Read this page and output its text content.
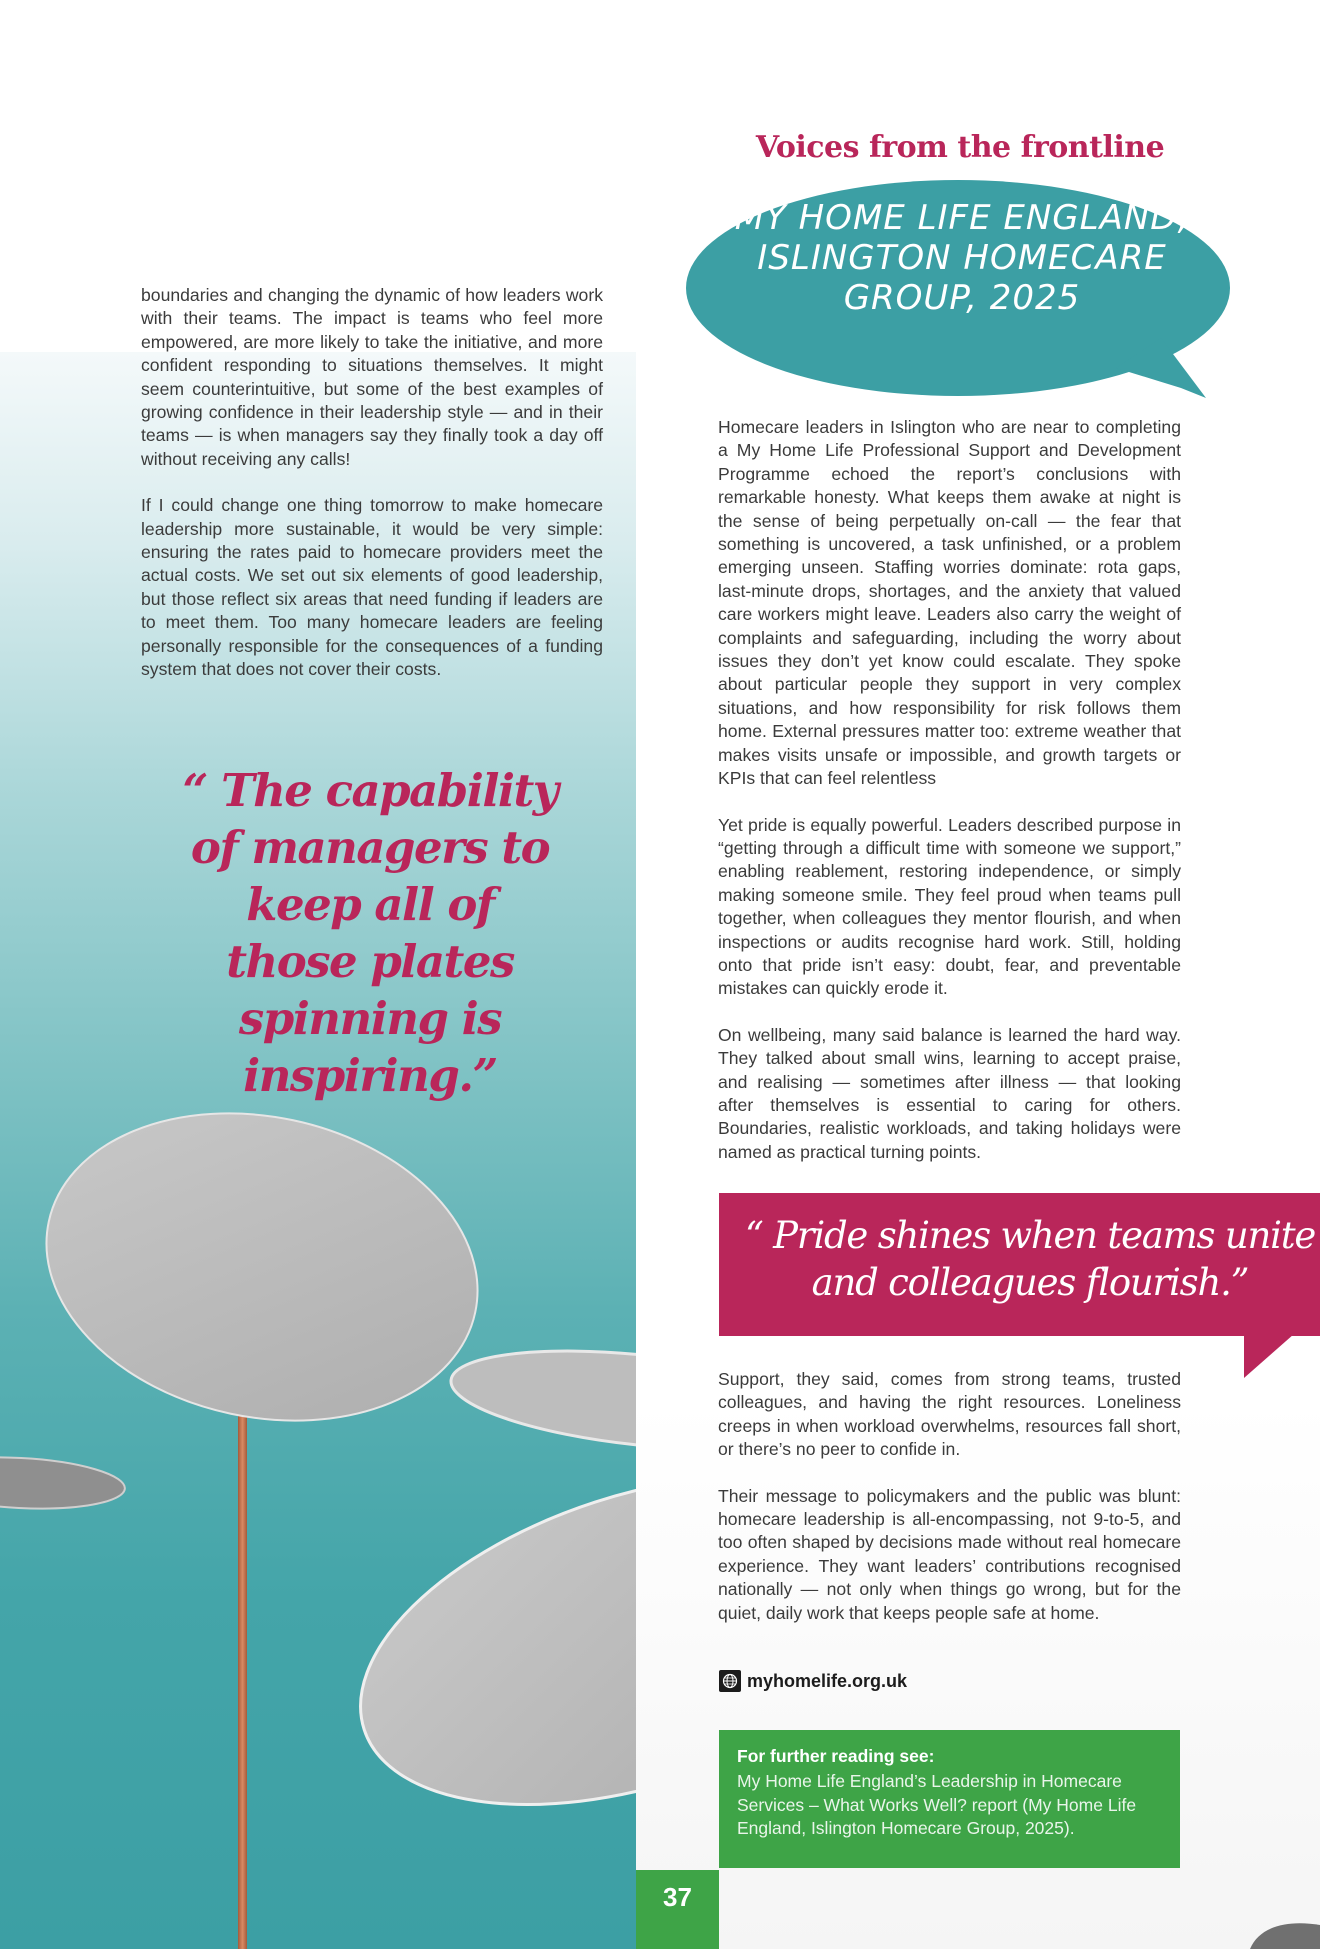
boundaries and changing the dynamic of how leaders work with their teams. The impact is teams who feel more empowered, are more likely to take the initiative, and more confident responding to situations themselves. It might seem counterintuitive, but some of the best examples of growing confidence in their leadership style — and in their teams — is when managers say they finally took a day off without receiving any calls!

If I could change one thing tomorrow to make homecare leadership more sustainable, it would be very simple: ensuring the rates paid to homecare providers meet the actual costs. We set out six elements of good leadership, but those reflect six areas that need funding if leaders are to meet them. Too many homecare leaders are feeling personally responsible for the consequences of a funding system that does not cover their costs.

“ The capability of managers to keep all of those plates spinning is inspiring.”
Voices from the frontline
MY HOME LIFE ENGLAND, ISLINGTON HOMECARE GROUP, 2025

Homecare leaders in Islington who are near to completing a My Home Life Professional Support and Development Programme echoed the report’s conclusions with remarkable honesty. What keeps them awake at night is the sense of being perpetually on-call — the fear that something is uncovered, a task unfinished, or a problem emerging unseen. Staffing worries dominate: rota gaps, last-minute drops, shortages, and the anxiety that valued care workers might leave. Leaders also carry the weight of complaints and safeguarding, including the worry about issues they don’t yet know could escalate. They spoke about particular people they support in very complex situations, and how responsibility for risk follows them home. External pressures matter too: extreme weather that makes visits unsafe or impossible, and growth targets or KPIs that can feel relentless

Yet pride is equally powerful. Leaders described purpose in “getting through a difficult time with someone we support,” enabling reablement, restoring independence, or simply making someone smile. They feel proud when teams pull together, when colleagues they mentor flourish, and when inspections or audits recognise hard work. Still, holding onto that pride isn’t easy: doubt, fear, and preventable mistakes can quickly erode it.

On wellbeing, many said balance is learned the hard way. They talked about small wins, learning to accept praise, and realising — sometimes after illness — that looking after themselves is essential to caring for others. Boundaries, realistic workloads, and taking holidays were named as practical turning points.

“ Pride shines when teams unite and colleagues flourish.”

Support, they said, comes from strong teams, trusted colleagues, and having the right resources. Loneliness creeps in when workload overwhelms, resources fall short, or there’s no peer to confide in.

Their message to policymakers and the public was blunt: homecare leadership is all-encompassing, not 9-to-5, and too often shaped by decisions made without real homecare experience. They want leaders’ contributions recognised nationally — not only when things go wrong, but for the quiet, daily work that keeps people safe at home.

myhomelife.org.uk
For further reading see:
My Home Life England’s Leadership in Homecare Services – What Works Well? report (My Home Life England, Islington Homecare Group, 2025).
37
